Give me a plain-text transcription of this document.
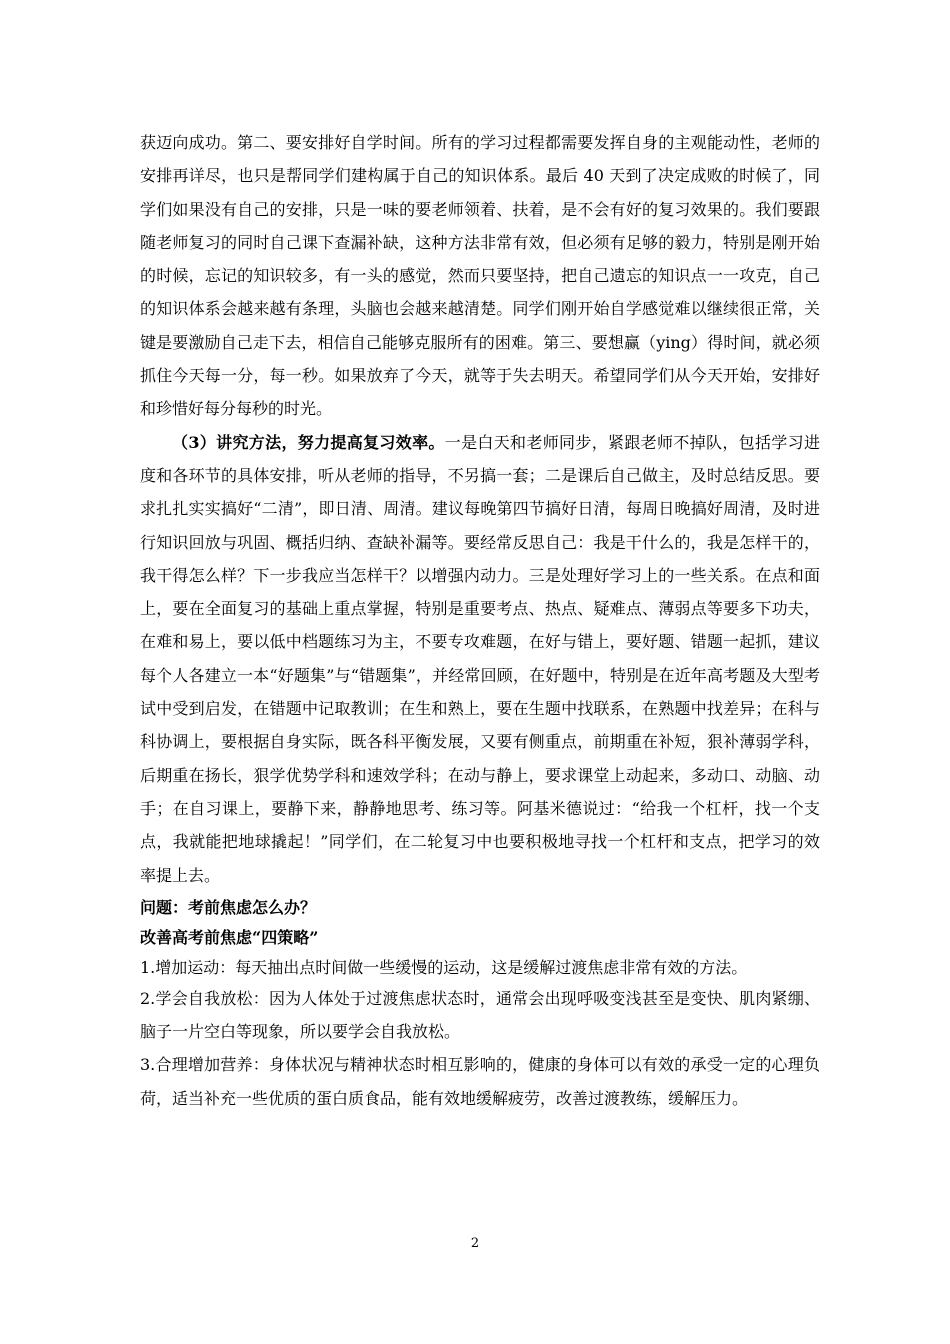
获迈向成功。第二、要安排好自学时间。所有的学习过程都需要发挥自身的主观能动性，老师的安排再详尽，也只是帮同学们建构属于自己的知识体系。最后 40 天到了决定成败的时候了，同学们如果没有自己的安排，只是一味的要老师领着、扶着，是不会有好的复习效果的。我们要跟随老师复习的同时自己课下查漏补缺，这种方法非常有效，但必须有足够的毅力，特别是刚开始的时候，忘记的知识较多，有一头的感觉，然而只要坚持，把自己遗忘的知识点一一攻克，自己的知识体系会越来越有条理，头脑也会越来越清楚。同学们刚开始自学感觉难以继续很正常，关键是要激励自己走下去，相信自己能够克服所有的困难。第三、要想赢（ying）得时间，就必须抓住今天每一分，每一秒。如果放弃了今天，就等于失去明天。希望同学们从今天开始，安排好和珍惜好每分每秒的时光。

（3）讲究方法，努力提高复习效率。一是白天和老师同步，紧跟老师不掉队，包括学习进度和各环节的具体安排，听从老师的指导，不另搞一套；二是课后自己做主，及时总结反思。要求扎扎实实搞好“二清”，即日清、周清。建议每晚第四节搞好日清，每周日晚搞好周清，及时进行知识回放与巩固、概括归纳、查缺补漏等。要经常反思自己：我是干什么的，我是怎样干的，我干得怎么样？下一步我应当怎样干？以增强内动力。三是处理好学习上的一些关系。在点和面上，要在全面复习的基础上重点掌握，特别是重要考点、热点、疑难点、薄弱点等要多下功夫，在难和易上，要以低中档题练习为主，不要专攻难题，在好与错上，要好题、错题一起抓，建议每个人各建立一本“好题集”与“错题集”，并经常回顾，在好题中，特别是在近年高考题及大型考试中受到启发，在错题中记取教训；在生和熟上，要在生题中找联系，在熟题中找差异；在科与科协调上，要根据自身实际，既各科平衡发展，又要有侧重点，前期重在补短，狠补薄弱学科，后期重在扬长，狠学优势学科和速效学科；在动与静上，要求课堂上动起来，多动口、动脑、动手；在自习课上，要静下来，静静地思考、练习等。阿基米德说过：“给我一个杠杆，找一个支点，我就能把地球撬起！”同学们，在二轮复习中也要积极地寻找一个杠杆和支点，把学习的效率提上去。

问题：考前焦虑怎么办？

改善高考前焦虑“四策略”

1.增加运动：每天抽出点时间做一些缓慢的运动，这是缓解过渡焦虑非常有效的方法。

2.学会自我放松：因为人体处于过渡焦虑状态时，通常会出现呼吸变浅甚至是变快、肌肉紧绷、脑子一片空白等现象，所以要学会自我放松。

3.合理增加营养：身体状况与精神状态时相互影响的，健康的身体可以有效的承受一定的心理负荷，适当补充一些优质的蛋白质食品，能有效地缓解疲劳，改善过渡教练，缓解压力。

2
